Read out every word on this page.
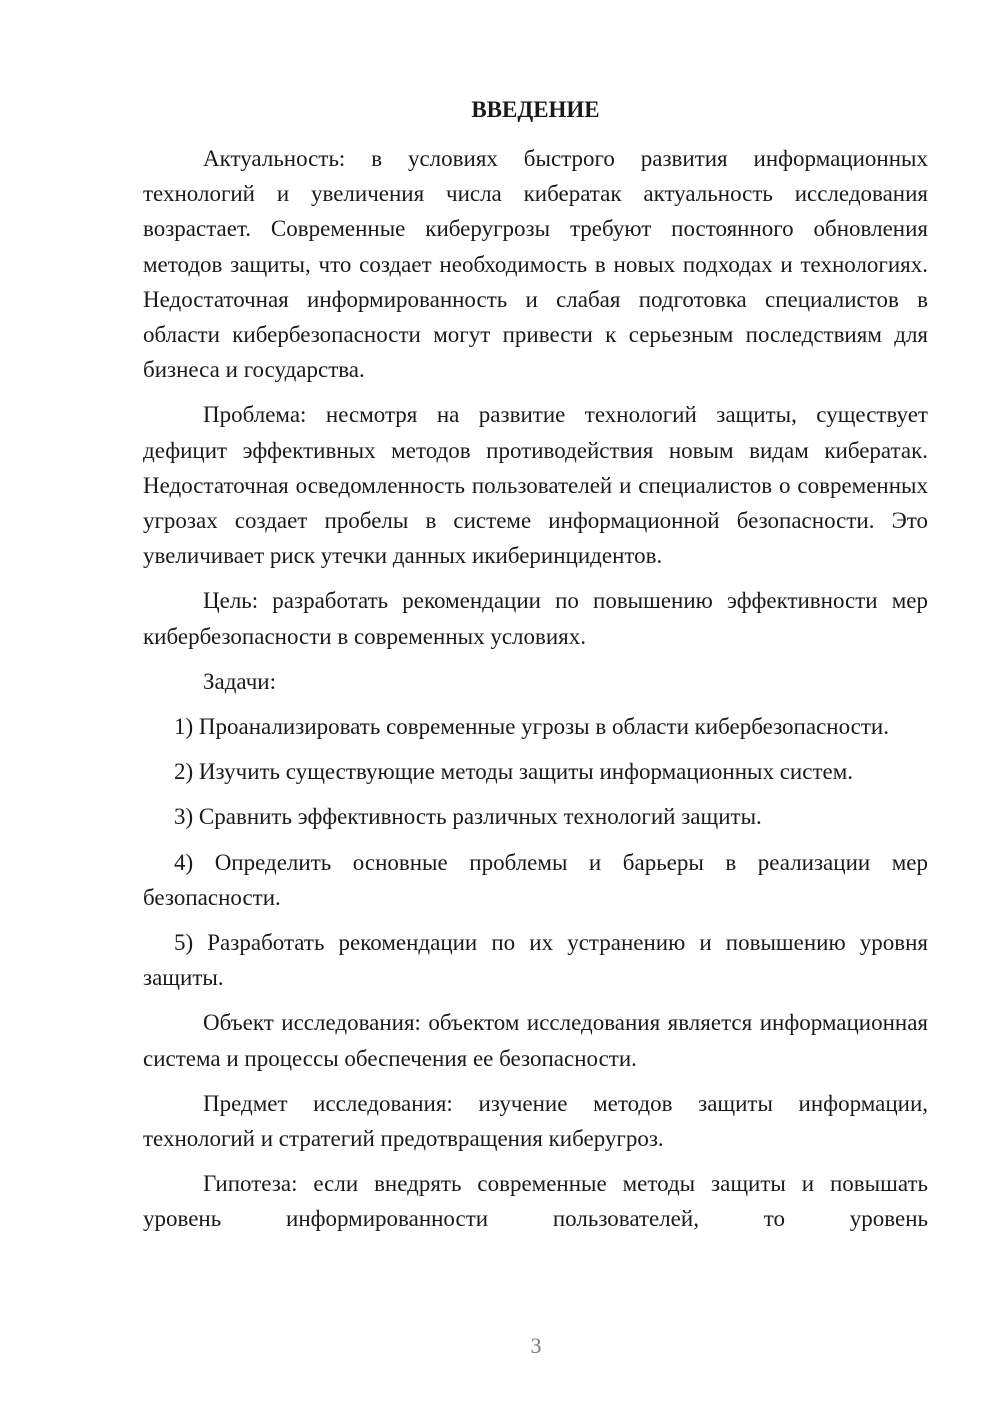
ВВЕДЕНИЕ

Актуальность: в условиях быстрого развития информационных технологий и увеличения числа кибератак актуальность исследования возрастает. Современные киберугрозы требуют постоянного обновления методов защиты, что создает необходимость в новых подходах и технологиях. Недостаточная информированность и слабая подготовка специалистов в области кибербезопасности могут привести к серьезным последствиям для бизнеса и государства.

Проблема: несмотря на развитие технологий защиты, существует дефицит эффективных методов противодействия новым видам кибератак. Недостаточная осведомленность пользователей и специалистов о современных угрозах создает пробелы в системе информационной безопасности. Это увеличивает риск утечки данных икиберинцидентов.

Цель: разработать рекомендации по повышению эффективности мер кибербезопасности в современных условиях.

Задачи:

1) Проанализировать современные угрозы в области кибербезопасности.

2) Изучить существующие методы защиты информационных систем.

3) Сравнить эффективность различных технологий защиты.

4) Определить основные проблемы и барьеры в реализации мер безопасности.

5) Разработать рекомендации по их устранению и повышению уровня защиты.

Объект исследования: объектом исследования является информационная система и процессы обеспечения ее безопасности.

Предмет исследования: изучение методов защиты информации, технологий и стратегий предотвращения киберугроз.

Гипотеза: если внедрять современные методы защиты и повышать уровень информированности пользователей, то уровень

3
